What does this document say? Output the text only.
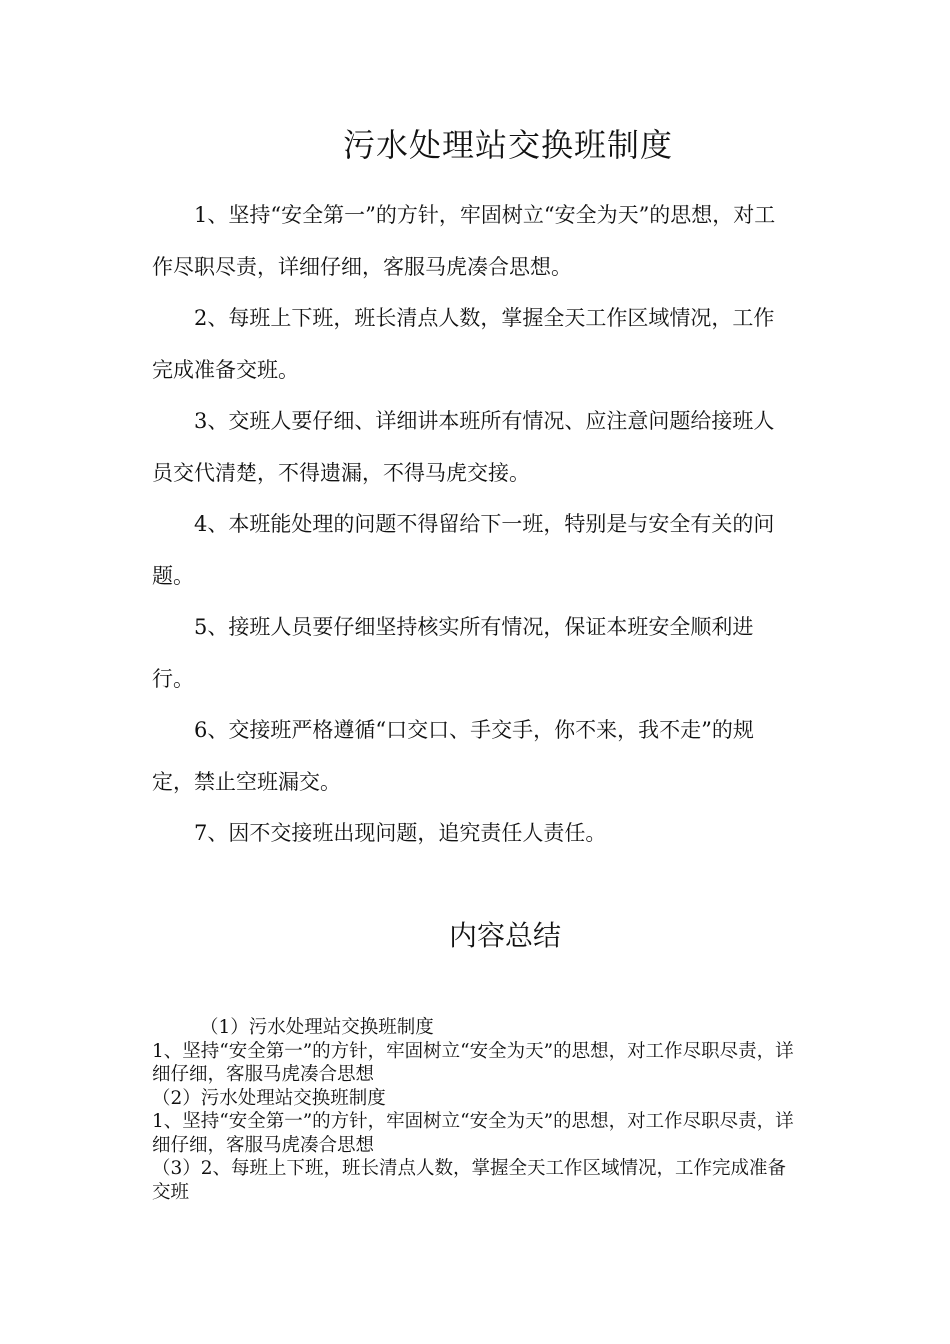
污水处理站交换班制度

1、坚持“安全第一”的方针，牢固树立“安全为天”的思想，对工作尽职尽责，详细仔细，客服马虎凑合思想。

2、每班上下班，班长清点人数，掌握全天工作区域情况，工作完成准备交班。

3、交班人要仔细、详细讲本班所有情况、应注意问题给接班人员交代清楚，不得遗漏，不得马虎交接。

4、本班能处理的问题不得留给下一班，特别是与安全有关的问题。

5、接班人员要仔细坚持核实所有情况，保证本班安全顺利进行。

6、交接班严格遵循“口交口、手交手，你不来，我不走”的规定，禁止空班漏交。

7、因不交接班出现问题，追究责任人责任。

内容总结
（1）污水处理站交换班制度
1、坚持“安全第一”的方针，牢固树立“安全为天”的思想，对工作尽职尽责，详细仔细，客服马虎凑合思想
（2）污水处理站交换班制度
1、坚持“安全第一”的方针，牢固树立“安全为天”的思想，对工作尽职尽责，详细仔细，客服马虎凑合思想
（3）2、每班上下班，班长清点人数，掌握全天工作区域情况，工作完成准备交班
